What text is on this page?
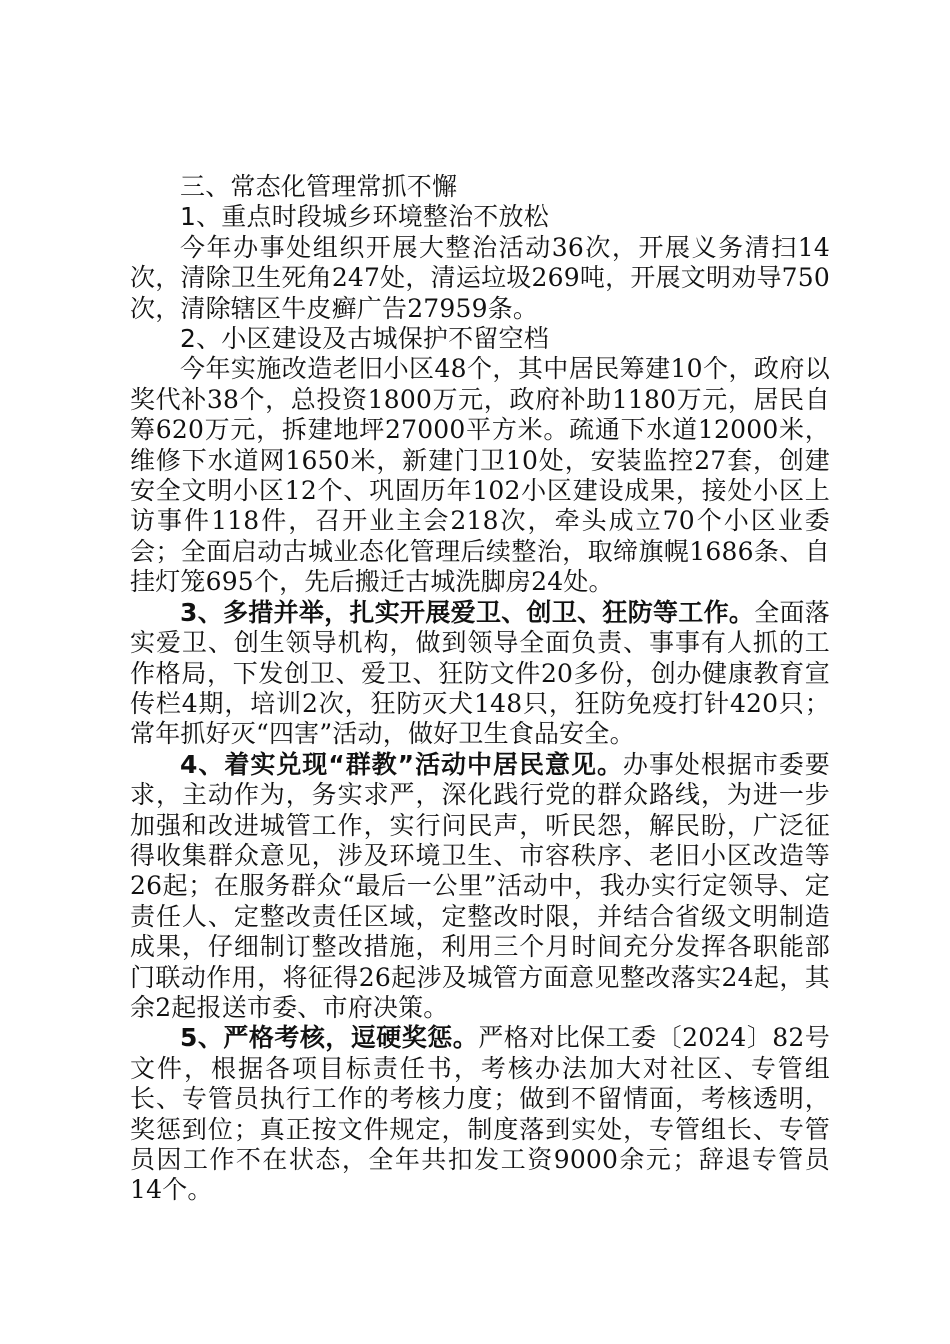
三、常态化管理常抓不懈
1、重点时段城乡环境整治不放松

今年办事处组织开展大整治活动36次，开展义务清扫14次，清除卫生死角247处，清运垃圾269吨，开展文明劝导750次，清除辖区牛皮癣广告27959条。

2、小区建设及古城保护不留空档

今年实施改造老旧小区48个，其中居民筹建10个，政府以奖代补38个，总投资1800万元，政府补助1180万元，居民自筹620万元，拆建地坪27000平方米。疏通下水道12000米，维修下水道网1650米，新建门卫10处，安装监控27套，创建安全文明小区12个、巩固历年102小区建设成果，接处小区上访事件118件，召开业主会218次，牵头成立70个小区业委会；全面启动古城业态化管理后续整治，取缔旗幌1686条、自挂灯笼695个，先后搬迁古城洗脚房24处。

3、多措并举，扎实开展爱卫、创卫、狂防等工作。全面落实爱卫、创生领导机构，做到领导全面负责、事事有人抓的工作格局，下发创卫、爱卫、狂防文件20多份，创办健康教育宣传栏4期，培训2次，狂防灭犬148只，狂防免疫打针420只；常年抓好灭“四害”活动，做好卫生食品安全。

4、着实兑现“群教”活动中居民意见。办事处根据市委要求，主动作为，务实求严，深化践行党的群众路线，为进一步加强和改进城管工作，实行问民声，听民怨，解民盼，广泛征得收集群众意见，涉及环境卫生、市容秩序、老旧小区改造等26起；在服务群众“最后一公里”活动中，我办实行定领导、定责任人、定整改责任区域，定整改时限，并结合省级文明制造成果，仔细制订整改措施，利用三个月时间充分发挥各职能部门联动作用，将征得26起涉及城管方面意见整改落实24起，其余2起报送市委、市府决策。

5、严格考核，逗硬奖惩。严格对比保工委〔2024〕82号文件，根据各项目标责任书，考核办法加大对社区、专管组长、专管员执行工作的考核力度；做到不留情面，考核透明，奖惩到位；真正按文件规定，制度落到实处，专管组长、专管员因工作不在状态，全年共扣发工资9000余元；辞退专管员14个。
